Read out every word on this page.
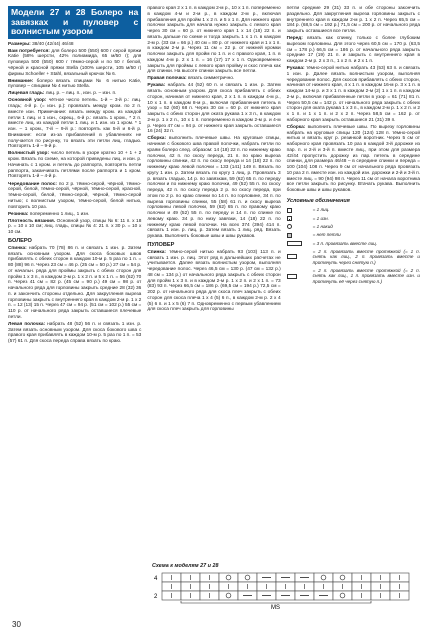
Модели 27 и 28 Болеро на завязках и пуловер с волнистым узором

Размеры: 38/40 (42/44) 46/48

Вам потребуется: для болеро 500 (550) 600 г серой пряжи Katie (58% шерсти, 42% полиамида, 65 м/50 г); для пуловера 500 (550) 600 г тёмно-серой и по 50 г белой, чёрной и красной пряжи Stella (100% шерсти, 105 м/50 г) фирмы Schoeller + Stahl, вязальный крючок № 6.

Внимание: болеро вязать спицами № 6 нитью Katie, пуловер – спицами № 4 нитью Stella.

Лицевая гладь: лиц. р. – лиц. п., изн. р. – изн. п.

Основной узор: чётное число петель. 1-й – 3-й р.: лиц. гладь; 4-й р. (= изн. р.): провязать между кром. по 2 п. вместе изн. Примечание: вязать между кром. из каждой петли 1 лиц. и 1 изн., скрещ., 6-й р.: вязать 1 кром., * 2 п. вместе лиц. из каждой петли 1 лиц. и 1 изн. из 1 кром. * 1 изн. – 1 кром., 7-й – 9-й р.: повторять как 5-й и 6-й р. Внимание: если из-за прибавлений в убавлениях не получается по рисунку, то вязать эти петли лиц. гладью. Повторять 1-й – 9-й р.

Волнистый узор: число петель в узоре кратно 10 + 1 + 2 кром. Вязать по схеме, на которой приведены лиц. и изн. р. Начинать с 1 кром. и петель до раппорта, повторять петли раппорта, заканчивать петлями после раппорта и 1 кром. Повторять 1-й – 4-й р.

Чередование полос: по 2 р. тёмно-серой, чёрной, тёмно-серой, белой, тёмно-серой, чёрной, тёмно-серой, красной, тёмно-серой, белой, тёмно-серой, чёрной, тёмно-серой нитью; с волнистым узором, тёмно-серой, белой нитью, повторить 10 раз.

Резинка: попеременно 1 лиц., 1 изн.

Плотность вязания. Основной узор, спицы № 6: 11 п. х 18 р. = 10 х 10 см; лиц. гладь, спицы № 4: 21 п. х 30 р. = 10 х 10 см.

БОЛЕРО

Спинка: набрать 70 (78) 86 п. и связать 1 изн. р. Затем вязать основным узором. Для скоса боковых швов прибавлять с обеих сторон в каждом 10-м р. 5 раз по 1 п. = 80 (88) 96 п. Через 23 см = 46 р. (25 см = 50 р.) 27 см = 54 р. от начальн. ряда для проймы закрыть с обеих сторон для пройм 1 х 3 п., в каждом 2-м р. 1 х 2 п. и 5 х 1 п. = 56 (62) 70 п. Через 41 см = 82 р. (45 см = 90 р.) 49 см = 98 р. от начального ряда для горловины закрыть средние 28 (32) 36 п. и закончить стороны отдельно. Для закругления выреза горловины закрыть с внутреннего края в каждом 2-м р. 1 х 2 п. = 12 (13) 15 п. Через 47 см = 94 р. (51 см = 102 р.) 55 см = 110 р. от начального ряда закрыть оставшиеся плечевые петли.

Левая полочка: набрать 48 (52) 56 п. и связать 1 изн. р. Затем вязать основным узором. Для скоса бокового шва с правого края прибавлять в каждом 10-м р. 5 раз по 1 п. = 53 (57) 61 п. Для скоса переда справа вязать по краю.

правого края 2 х 1 п. в каждом 2-м р., 10 х 1 п. попеременно в каждом 4-м и 2-м р., в каждом 2-м р., включая прибавления для пройм 1 х 2 п. и 5 х 1 п. Для нижнего края полочки закрыть для начала нужно закрыть с левого края через 30 см = 60 р. от нижнего края 1 х 14 (18) 22 п. и вязать дальше по схеме и тогда закрыть 1 х 1 п. в каждом 2-м р. (33 см = 66 р.) 40 см = 80 р. от нижнего края и 1 х 1 п. в каждом 2-м р. Через 11 см = 22 р. от нижней кромки полочки закрыть для пройм по 1 п. и с правого края, 1 п. в каждом 4-м р. 2 х 1 п. = 16 (17) 17 х 1 п. Одновременно закрыть для проймы с левого края пройму и скос плеча как для спинки. На высоте спинки закрыть все петли.

Правая полочка: вязать симметрично.

Рукава: набрать 44 (52) 60 п. и связать 1 изн. р. Затем вязать основным узором. Для скоса прибавлять с обеих сторон, начиная от нижнего края, 2 х 1 п. в каждом 4-м р., 10 х 1 п. в каждом 8-м р., включая прибавления петель в узор = 52 (60) 68 п. Через 30 см = 60 р. от нижнего края закрыть с обеих сторон для оката рукава 1 х 3 п., в каждом 2-м р. 1 х 2 п., 10 х 1 п. попеременно в каждом 2-м р. и 4-м р. Через 47 см = 94 р. от нижнего края закрыть оставшиеся 16 (24) 32 п.

Сборка: выполнить плечевые швы. На круговые спицы, начиная с бокового шва правой полочки, набрать петли по краям болеро след. образом: 14 (18) 22 п. по нижнему краю полочки, 42 п. по скосу переда, 21 п. по краю выреза горловины спинки, 42 п. по скосу переда и 14 (18) 22 п. по нижнему краю левой полочки = 133 (141) 149 п. Вязать по кругу 1 изн. р. Затем вязать по кругу 1 лиц. р. Провязать 3 р. вязать гладью, 14 р. по завязкам, 59 (62) 65 п. по переду полочки и по нижнему краю полочки, 49 (52) 55 п. по скосу переда, 42 п. по скосу переда 2 р. по скосу переда, при этом по 2 р. по краю спинки по 14 п. по горловине, 34 п. по выреза горловины спинки, 55 (58) 61 п. и скосу выреза горловины левой полочки, 59 (62) 65 п. по правому краю полочки и 49 (52) 55 п. по переду и 14 п. по спинке по левому краю. 34 р. по низу завязки, 14 (18) 22 п. по нижнему краю левой полочки. На всех 374 (394) 414 п. связать 1 изн. р. лиц. р. Затем вязать 1 лиц. ряд. Вязать рукава. Выполнить боковые швы и швы рукавов.

ПУЛОВЕР

Спинка: тёмно-серой нитью набрать 93 (103) 113 п. и связать 1 изн. р. лиц. Этот ряд в дальнейших расчетах не учитывается. Далее вязать волнистым узором, выполняя чередование полос. Через 46,5 см = 130 р. (47 см = 132 р.) 48 см = 134 р.) от начального ряда закрыть с обеих сторон для пройм 1 х 3 п. и в каждом 2-м р. 1 х 2 п. и 2 х 1 п. = 73 (83) 93 п. Через 66,5 см = 186 р. (69,5 см = 194 р.) 72,5 см = 202 р. от начального ряда для скоса плеч закрыть с обеих сторон для скоса плеча 1 х 4 (5) 6 п., в каждом 2-м р. 2 х 4 (5) 6 п. и 1 х 5 (6) 7 п. Одновременно с первым убавлением для скоса плеч закрыть для горловины

петли средние 29 (31) 33 п. и обе стороны закончить раздельно. Для закругления выреза горловины закрыть с внутреннего края в каждом 2-м р. 1 х 2 п. Через 65,5 см = 184 р. (68,5 см = 192 р.) 71,5 см = 200 р. от начального ряда закрыть оставшиеся все петли.

Перед: вязать как спинку, только с более глубоким вырезом горловины. Для этого через 60,5 см = 170 р. (63,5 см = 178 р.) 66,5 см = 186 р. от начального ряда закрыть средние 17 (19) 21 п. и закрыть с внутреннего края в каждом 2-м р. 2 х 3 п., 1 х 2 п. и 2 х 1 п.

Рукава: тёмно-серой нитью набрать 43 (53) 63 п. и связать 1 изн. р. Далее вязать волнистым узором, выполняя чередование полос. Для скосов прибавлять с обеих сторон, начиная от нижнего края, 4 х 1 п. в каждом 16-м р. 3 х 1 п. в каждом 14-м р. и 3 х 1 п. в каждом 2-м (2) 1 х 1 п. в каждом 2-м р., включая прибавленные петли в узор = 61 (71) 81 п. Через 50,5 см = 142 р. от начального ряда закрыть с обеих сторон для оката рукава 1 х 3 п., в каждом 2-м р. 1 х 2 п. и 2 х 1 п. и 1 х 1 п. и 2 х 2 п. Через 58,5 см = 162 р. от наборного края закрыть оставшиеся 21 (31) 39 п.

Сборка: выполнить плечевые швы. По вырезу горловины набрать на круговые спицы 120 (124) 128 п. тёмно-серой нитью и вязать круг р. резинкой воротник. Через 5 см от наборного края провязать 10 раз в каждой 3-й дорожке из пар. п. и 2-й и 3-й п. вместе лиц., при этом для размера 42/44 пропустить дорожку из пар. петель в середине спинки, для размера 46/48 – в середине спинки и переда = 100 (104) 108 п. Через 9 см от начального ряда провязать 10 раз 2 п. вместе изн. из каждой изн. дорожки и 2-й и 3-й п. вместе лиц. = 90 (94) 98 п. Через 11 см от начала воротника все петли закрыть по рисунку. Втачать рукава. Выполнить боковые швы и швы рукавов.

Условные обозначения
= 1 лиц.
= 1 изн.
= 1 накид
= нет петли
= 3 п. провязать вместе лиц.
= 2 п. провязать вместе протяжкой (= 1 п. снять как лиц., 2 п. провязать вместе и протянуть через снятую п.)
= 2 п. провязать вместе протяжкой (= 2 п. снять как лиц., 1 п. провязать вместе изн. и протянуть её через снятую п.)
Схема к моделям 27 и 28
4
2
MS
30
